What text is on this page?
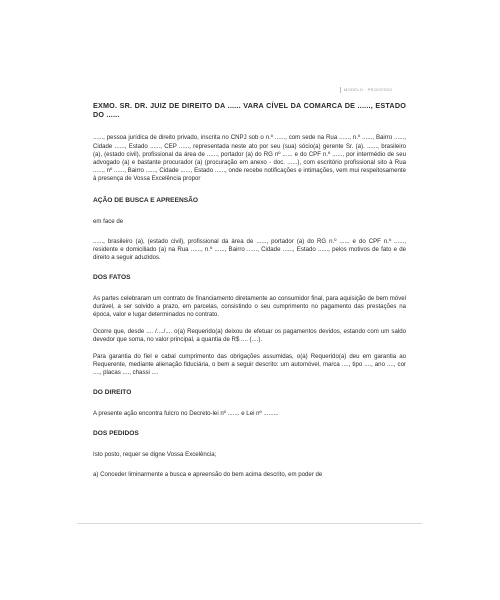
MODELO · PROCESSO

EXMO. SR. DR. JUIZ DE DIREITO DA ...... VARA CÍVEL DA COMARCA DE ......, ESTADO DO ......

......, pessoa jurídica de direito privado, inscrita no CNPJ sob o n.º ......, com sede na Rua ......, n.º ......, Bairro ......, Cidade ......, Estado ......, CEP ......, representada neste ato por seu (sua) sócio(a) gerente Sr. (a). ......, brasileiro (a), (estado civil), profissional da área de ......, portador (a) do RG nº ...... e do CPF n.º ......, por intermédio de seu advogado (a) e bastante procurador (a) (procuração em anexo - doc. ......), com escritório profissional sito à Rua ......, nº ......, Bairro ......, Cidade ......, Estado ......, onde recebe notificações e intimações, vem mui respeitosamente à presença de Vossa Excelência propor

AÇÃO DE BUSCA E APREENSÃO

em face de

......, brasileiro (a), (estado civil), profissional da área de ......, portador (a) do RG n.º ...... e do CPF n.º ......, residente e domiciliado (a) na Rua ......, n.º ......, Bairro ......, Cidade ......, Estado ......, pelos motivos de fato e de direito a seguir aduzidos.

DOS FATOS

As partes celebraram um contrato de financiamento diretamente ao consumidor final, para aquisição de bem móvel durável, a ser solvido a prazo, em parcelas, consistindo o seu cumprimento no pagamento das prestações na época, valor e lugar determinados no contrato.

Ocorre que, desde .... /..../.... o(a) Requerido(a) deixou de efetuar os pagamentos devidos, estando com um saldo devedor que soma, no valor principal, a quantia de R$ .... (....).

Para garantia do fiel e cabal cumprimento das obrigações assumidas, o(a) Requerido(a) deu em garantia ao Requerente, mediante alienação fiduciária, o bem a seguir descrito: um automóvel, marca ...., tipo ...., ano ...., cor ...., placas ...., chassi ....

DO DIREITO

A presente ação encontra fulcro no Decreto-lei nº ....... e Lei nº .........

DOS PEDIDOS

Isto posto, requer se digne Vossa Excelência;

a) Conceder liminarmente a busca e apreensão do bem acima descrito, em poder de
